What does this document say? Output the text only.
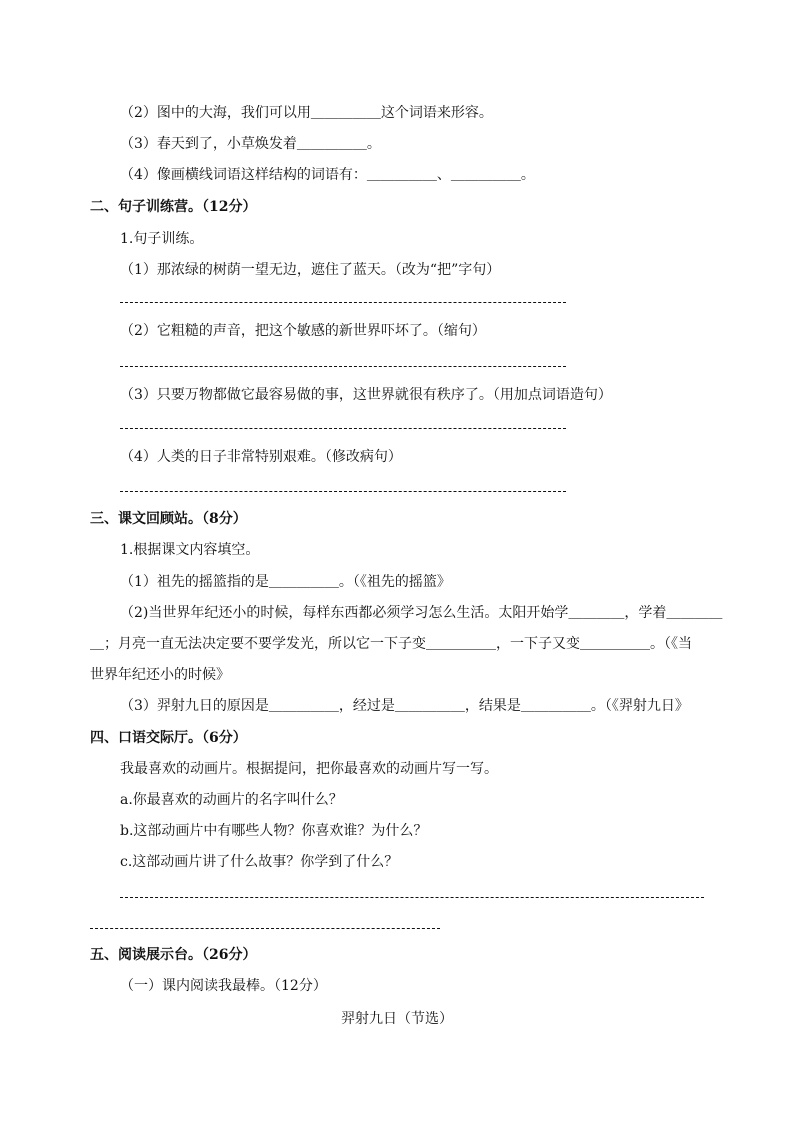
（2）图中的大海，我们可以用＿＿＿＿＿这个词语来形容。
（3）春天到了，小草焕发着＿＿＿＿＿。
（4）像画横线词语这样结构的词语有：＿＿＿＿＿、＿＿＿＿＿。
二、句子训练营。（12分）
1.句子训练。
（1）那浓绿的树荫一望无边，遮住了蓝天。（改为“把”字句）
（2）它粗糙的声音，把这个敏感的新世界吓坏了。（缩句）
（3）只要万物都做它最容易做的事，这世界就很有秩序了。（用加点词语造句）
（4）人类的日子非常特别艰难。（修改病句）
三、课文回顾站。（8分）
1.根据课文内容填空。
（1）祖先的摇篮指的是＿＿＿＿＿。（《祖先的摇篮》
（2)当世界年纪还小的时候，每样东西都必须学习怎么生活。太阳开始学＿＿＿＿，学着＿＿＿＿
＿；月亮一直无法决定要不要学发光，所以它一下子变＿＿＿＿＿，一下子又变＿＿＿＿＿。（《当
世界年纪还小的时候》
（3）羿射九日的原因是＿＿＿＿＿，经过是＿＿＿＿＿，结果是＿＿＿＿＿。（《羿射九日》
四、口语交际厅。（6分）
我最喜欢的动画片。根据提问，把你最喜欢的动画片写一写。
a.你最喜欢的动画片的名字叫什么？
b.这部动画片中有哪些人物？你喜欢谁？为什么？
c.这部动画片讲了什么故事？你学到了什么？
五、阅读展示台。（26分）
（一）课内阅读我最棒。（12分）
羿射九日（节选）
